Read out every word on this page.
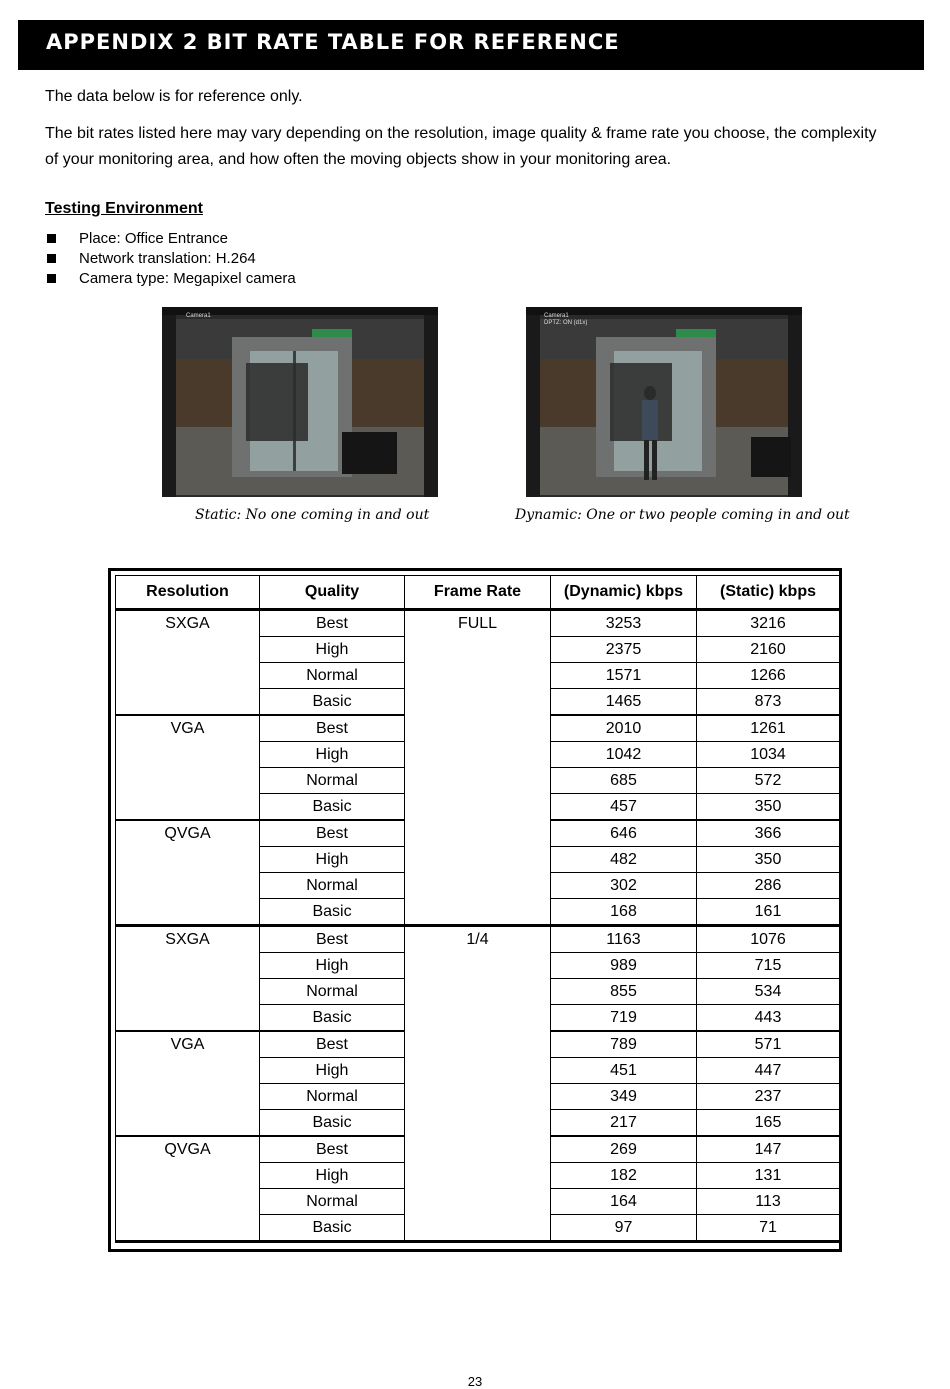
APPENDIX 2 BIT RATE TABLE FOR REFERENCE

The data below is for reference only.

The bit rates listed here may vary depending on the resolution, image quality & frame rate you choose, the complexity of your monitoring area, and how often the moving objects show in your monitoring area.

Testing Environment

Place: Office Entrance
Network translation: H.264
Camera type: Megapixel camera
Camera1
Static: No one coming in and out
Camera1
DPTZ: ON (d1x)
Dynamic: One or two people coming in and out
Resolution	Quality	Frame Rate	(Dynamic) kbps	(Static) kbps
SXGA	Best	FULL	3253	3216
	High		2375	2160
	Normal		1571	1266
	Basic		1465	873
VGA	Best		2010	1261
	High		1042	1034
	Normal		685	572
	Basic		457	350
QVGA	Best		646	366
	High		482	350
	Normal		302	286
	Basic		168	161
SXGA	Best	1/4	1163	1076
	High		989	715
	Normal		855	534
	Basic		719	443
VGA	Best		789	571
	High		451	447
	Normal		349	237
	Basic		217	165
QVGA	Best		269	147
	High		182	131
	Normal		164	113
	Basic		97	71
23
